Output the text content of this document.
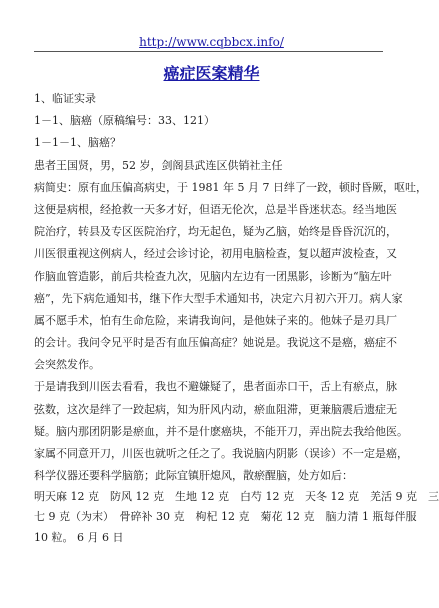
http://www.cqbbcx.info/
癌症医案精华
1、临证实录
1－1、脑癌（原稿编号：33、121）
1－1－1、脑癌？
患者王国贤，男，52 岁，剑阁县武连区供销社主任
病简史：原有血压偏高病史，于 1981 年 5 月 7 日绊了一跤，顿时昏厥，呕吐，
这便是病根，经抢救一天多才好，但语无伦次，总是半昏迷状态。经当地医
院治疗，转县及专区医院治疗，均无起色，疑为乙脑，始终是昏昏沉沉的，
川医很重视这例病人，经过会诊讨论，初用电脑检查，复以超声波检查，又
作脑血管造影，前后共检查九次，见脑内左边有一团黑影，诊断为“脑左叶
癌”，先下病危通知书，继下作大型手术通知书，决定六月初六开刀。病人家
属不愿手术，怕有生命危险，来请我询问，是他妹子来的。他妹子是刃具厂
的会计。我问令兄平时是否有血压偏高症？她说是。我说这不是癌，癌症不
会突然发作。
于是请我到川医去看看，我也不避嫌疑了，患者面赤口干，舌上有瘀点，脉
弦数，这次是绊了一跤起病，知为肝风内动，瘀血阻滞，更兼脑震后遗症无
疑。脑内那团阴影是瘀血，并不是什麽癌块，不能开刀，弄出院去我给他医。
家属不同意开刀，川医也就听之任之了。我说脑内阴影（误诊）不一定是癌，
科学仪器还要科学脑筋；此际宜镇肝熄风，散瘀醒脑，处方如后：
明天麻 12 克　防风 12 克　生地 12 克　白芍 12 克　天冬 12 克　羌活 9 克　三
七 9 克（为末）　骨碎补 30 克　枸杞 12 克　菊花 12 克　脑力清 1 瓶每伴服
10 粒。 6 月 6 日
